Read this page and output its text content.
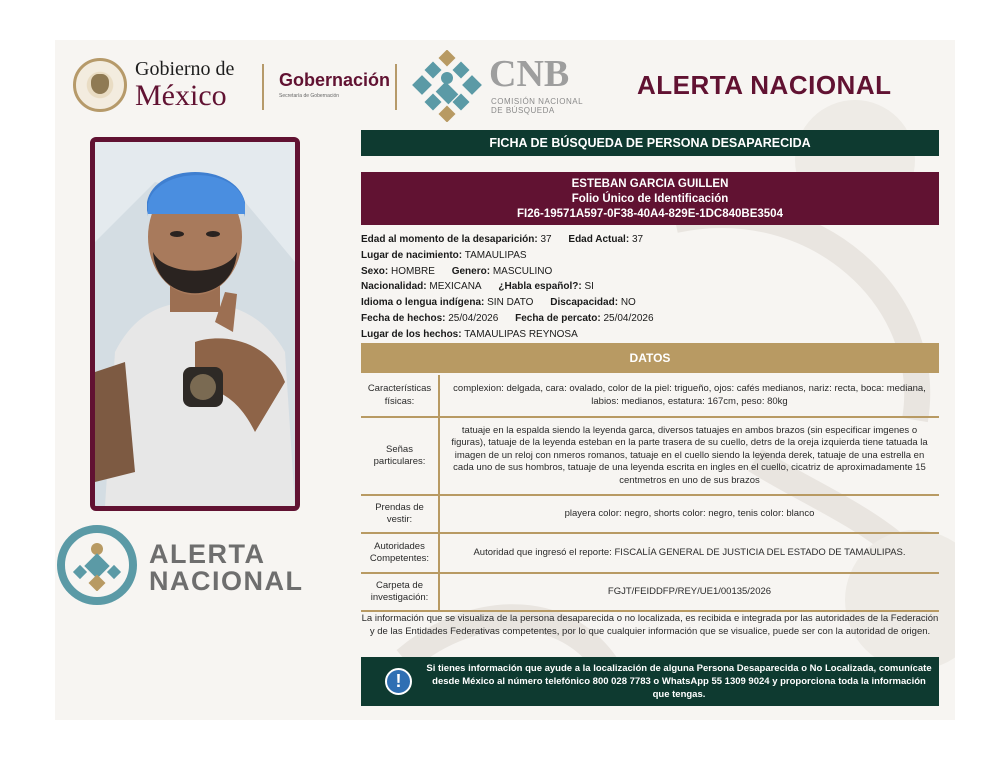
Gobierno de
México	Gobernación
Secretaría de Gobernación
CNB
COMISIÓN NACIONAL
DE BÚSQUEDA
ALERTA NACIONAL
ALERTA
NACIONAL
FICHA DE BÚSQUEDA DE PERSONA DESAPARECIDA
ESTEBAN GARCIA GUILLEN
Folio Único de Identificación
FI26-19571A597-0F38-40A4-829E-1DC840BE3504
Edad al momento de la desaparición: 37 Edad Actual: 37
Lugar de nacimiento: TAMAULIPAS
Sexo: HOMBRE Genero: MASCULINO
Nacionalidad: MEXICANA ¿Habla español?: SI
Idioma o lengua indígena: SIN DATO Discapacidad: NO
Fecha de hechos: 25/04/2026 Fecha de percato: 25/04/2026
Lugar de los hechos: TAMAULIPAS REYNOSA
DATOS
Características físicas:	complexion: delgada, cara: ovalado, color de la piel: trigueño, ojos: cafés medianos, nariz: recta, boca: mediana, labios: medianos, estatura: 167cm, peso: 80kg
Señas particulares:	tatuaje en la espalda siendo la leyenda garca, diversos tatuajes en ambos brazos (sin especificar imgenes o figuras), tatuaje de la leyenda esteban en la parte trasera de su cuello, detrs de la oreja izquierda tiene tatuada la imagen de un reloj con nmeros romanos, tatuaje en el cuello siendo la leyenda derek, tatuaje de una estrella en cada uno de sus hombros, tatuaje de una leyenda escrita en ingles en el cuello, cicatriz de aproximadamente 15 centmetros en uno de sus brazos
Prendas de vestir:	playera color: negro, shorts color: negro, tenis color: blanco
Autoridades Competentes:	Autoridad que ingresó el reporte: FISCALÍA GENERAL DE JUSTICIA DEL ESTADO DE TAMAULIPAS.
Carpeta de investigación:	FGJT/FEIDDFP/REY/UE1/00135/2026
La información que se visualiza de la persona desaparecida o no localizada, es recibida e integrada por las autoridades de la Federación y de las Entidades Federativas competentes, por lo que cualquier información que se visualice, puede ser con la autoridad de origen.
!
Si tienes información que ayude a la localización de alguna Persona Desaparecida o No Localizada, comunícate desde México al número telefónico 800 028 7783 o WhatsApp 55 1309 9024 y proporciona toda la información que tengas.
